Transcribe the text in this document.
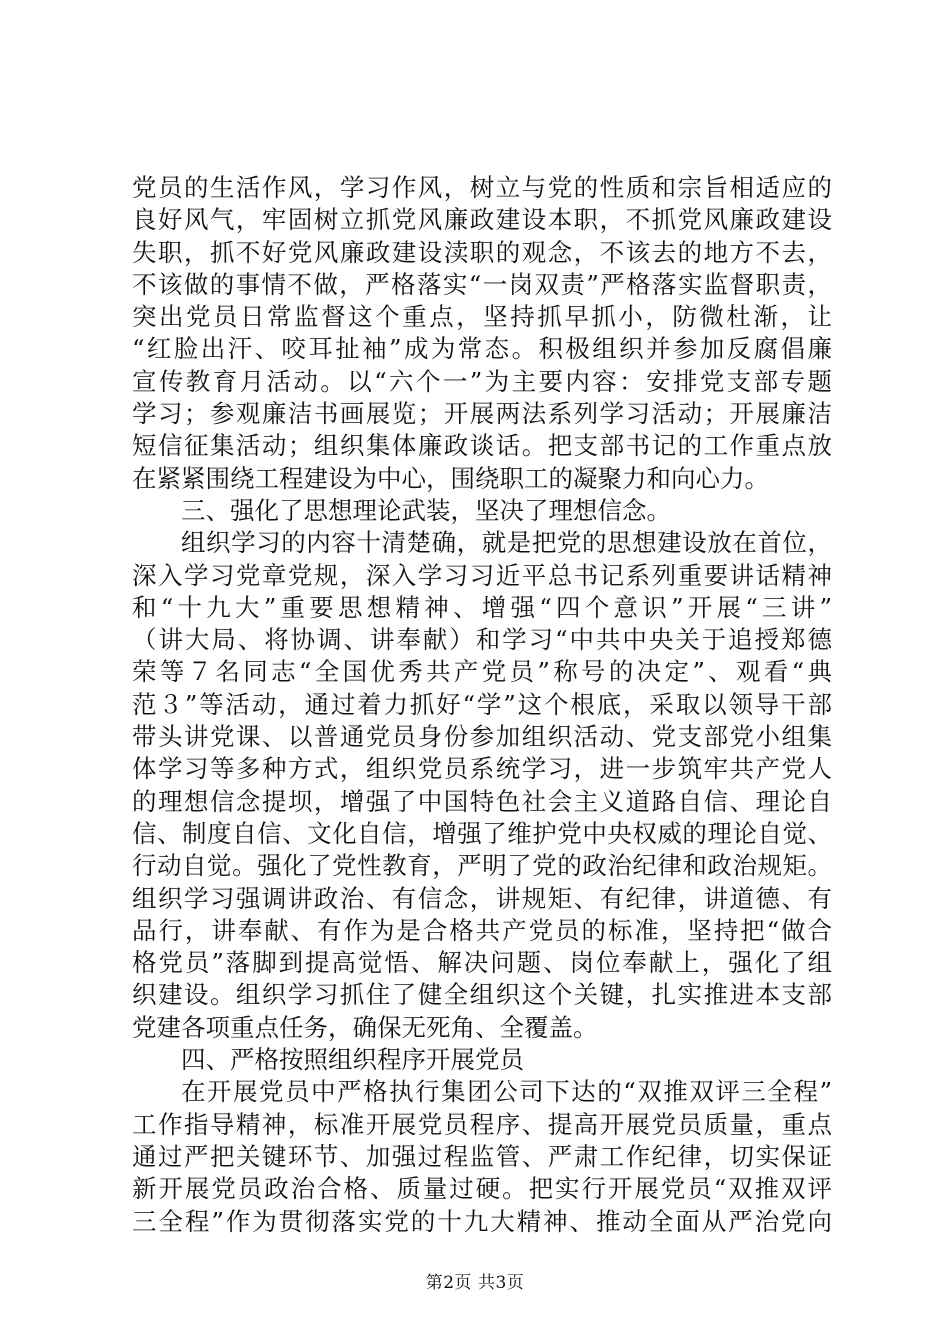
党员的生活作风，学习作风，树立与党的性质和宗旨相适应的
良好风气，牢固树立抓党风廉政建设本职，不抓党风廉政建设
失职，抓不好党风廉政建设渎职的观念，不该去的地方不去，
不该做的事情不做，严格落实“一岗双责”严格落实监督职责，
突出党员日常监督这个重点，坚持抓早抓小，防微杜渐，让
“红脸出汗、咬耳扯袖”成为常态。积极组织并参加反腐倡廉
宣传教育月活动。以“六个一”为主要内容：安排党支部专题
学习；参观廉洁书画展览；开展两法系列学习活动；开展廉洁
短信征集活动；组织集体廉政谈话。把支部书记的工作重点放
在紧紧围绕工程建设为中心，围绕职工的凝聚力和向心力。
三、强化了思想理论武装，坚决了理想信念。
组织学习的内容十清楚确，就是把党的思想建设放在首位，
深入学习党章党规，深入学习习近平总书记系列重要讲话精神
和“十九大”重要思想精神、增强“四个意识”开展“三讲”
（讲大局、将协调、讲奉献）和学习“中共中央关于追授郑德
荣等７名同志“全国优秀共产党员”称号的决定”、观看“典
范３”等活动，通过着力抓好“学”这个根底，采取以领导干部
带头讲党课、以普通党员身份参加组织活动、党支部党小组集
体学习等多种方式，组织党员系统学习，进一步筑牢共产党人
的理想信念提坝，增强了中国特色社会主义道路自信、理论自
信、制度自信、文化自信，增强了维护党中央权威的理论自觉、
行动自觉。强化了党性教育，严明了党的政治纪律和政治规矩。
组织学习强调讲政治、有信念，讲规矩、有纪律，讲道德、有
品行，讲奉献、有作为是合格共产党员的标准，坚持把“做合
格党员”落脚到提高觉悟、解决问题、岗位奉献上，强化了组
织建设。组织学习抓住了健全组织这个关键，扎实推进本支部
党建各项重点任务，确保无死角、全覆盖。
四、严格按照组织程序开展党员
在开展党员中严格执行集团公司下达的“双推双评三全程”
工作指导精神，标准开展党员程序、提高开展党员质量，重点
通过严把关键环节、加强过程监管、严肃工作纪律，切实保证
新开展党员政治合格、质量过硬。把实行开展党员“双推双评
三全程”作为贯彻落实党的十九大精神、推动全面从严治党向
第2页 共3页
